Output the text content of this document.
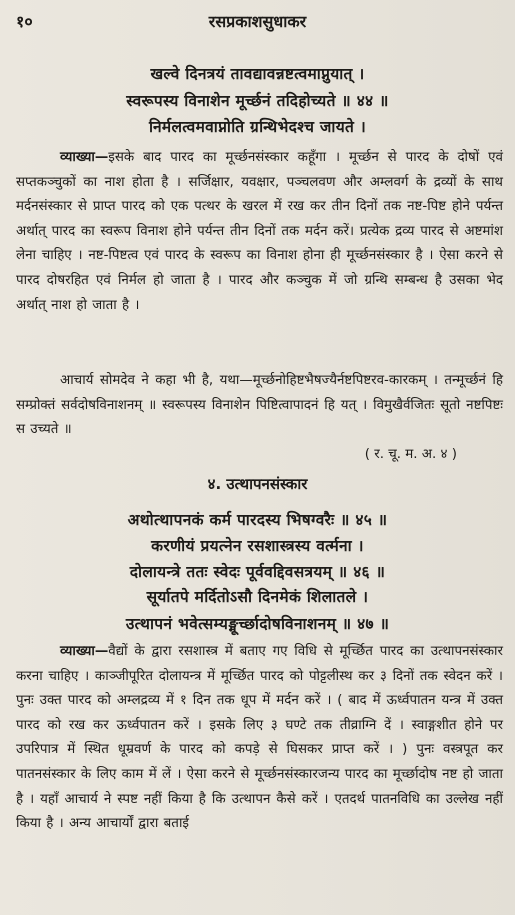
१०	रसप्रकाशसुधाकर
खल्वे दिनत्रयं तावद्यावन्नष्टत्वमाप्नुयात् ।
स्वरूपस्य विनाशेन मूर्च्छनं तदिहोच्यते ॥ ४४ ॥
निर्मलत्वमवाप्नोति ग्रन्थिभेदश्च जायते ।
व्याख्या—इसके बाद पारद का मूर्च्छनसंस्कार कहूँगा । मूर्च्छन से पारद के दोषों एवं सप्तकञ्चुकों का नाश होता है । सर्जिक्षार, यवक्षार, पञ्चलवण और अम्लवर्ग के द्रव्यों के साथ मर्दनसंस्कार से प्राप्त पारद को एक पत्थर के खरल में रख कर तीन दिनों तक नष्ट-पिष्ट होने पर्यन्त अर्थात् पारद का स्वरूप विनाश होने पर्यन्त तीन दिनों तक मर्दन करें। प्रत्येक द्रव्य पारद से अष्टमांश लेना चाहिए । नष्ट-पिष्टत्व एवं पारद के स्वरूप का विनाश होना ही मूर्च्छनसंस्कार है । ऐसा करने से पारद दोषरहित एवं निर्मल हो जाता है । पारद और कञ्चुक में जो ग्रन्थि सम्बन्ध है उसका भेद अर्थात् नाश हो जाता है ।
आचार्य सोमदेव ने कहा भी है, यथा—मूर्च्छनोहिष्टभैषज्यैर्नष्टपिष्टरव-कारकम् । तन्मूर्च्छनं हि सम्प्रोक्तं सर्वदोषविनाशनम् ॥ स्वरूपस्य विनाशेन पिष्टित्वापादनं हि यत् । विमुखैर्वजितः सूतो नष्टपिष्टः स उच्यते ॥
( र. चू. म. अ. ४ )
४. उत्थापनसंस्कार
अथोत्थापनकं कर्म पारदस्य भिषग्वरैः ॥ ४५ ॥
करणीयं प्रयत्नेन रसशास्त्रस्य वर्त्मना ।
दोलायन्त्रे ततः स्वेदः पूर्ववद्दिवसत्रयम् ॥ ४६ ॥
सूर्यातपे मर्दितोऽसौ दिनमेकं शिलातले ।
उत्थापनं भवेत्सम्यङ्मूर्च्छादोषविनाशनम् ॥ ४७ ॥
व्याख्या—वैद्यों के द्वारा रसशास्त्र में बताए गए विधि से मूर्च्छित पारद का उत्थापनसंस्कार करना चाहिए । काञ्जीपूरित दोलायन्त्र में मूर्च्छित पारद को पोट्टलीस्थ कर ३ दिनों तक स्वेदन करें । पुनः उक्त पारद को अम्लद्रव्य में १ दिन तक धूप में मर्दन करें । ( बाद में ऊर्ध्वपातन यन्त्र में उक्त पारद को रख कर ऊर्ध्वपातन करें । इसके लिए ३ घण्टे तक तीव्राग्नि दें । स्वाङ्गशीत होने पर उपरिपात्र में स्थित धूम्रवर्ण के पारद को कपड़े से घिसकर प्राप्त करें । ) पुनः वस्त्रपूत कर पातनसंस्कार के लिए काम में लें । ऐसा करने से मूर्च्छनसंस्कारजन्य पारद का मूर्च्छादोष नष्ट हो जाता है । यहाँ आचार्य ने स्पष्ट नहीं किया है कि उत्थापन कैसे करें । एतदर्थ पातनविधि का उल्लेख नहीं किया है । अन्य आचार्यों द्वारा बताई
